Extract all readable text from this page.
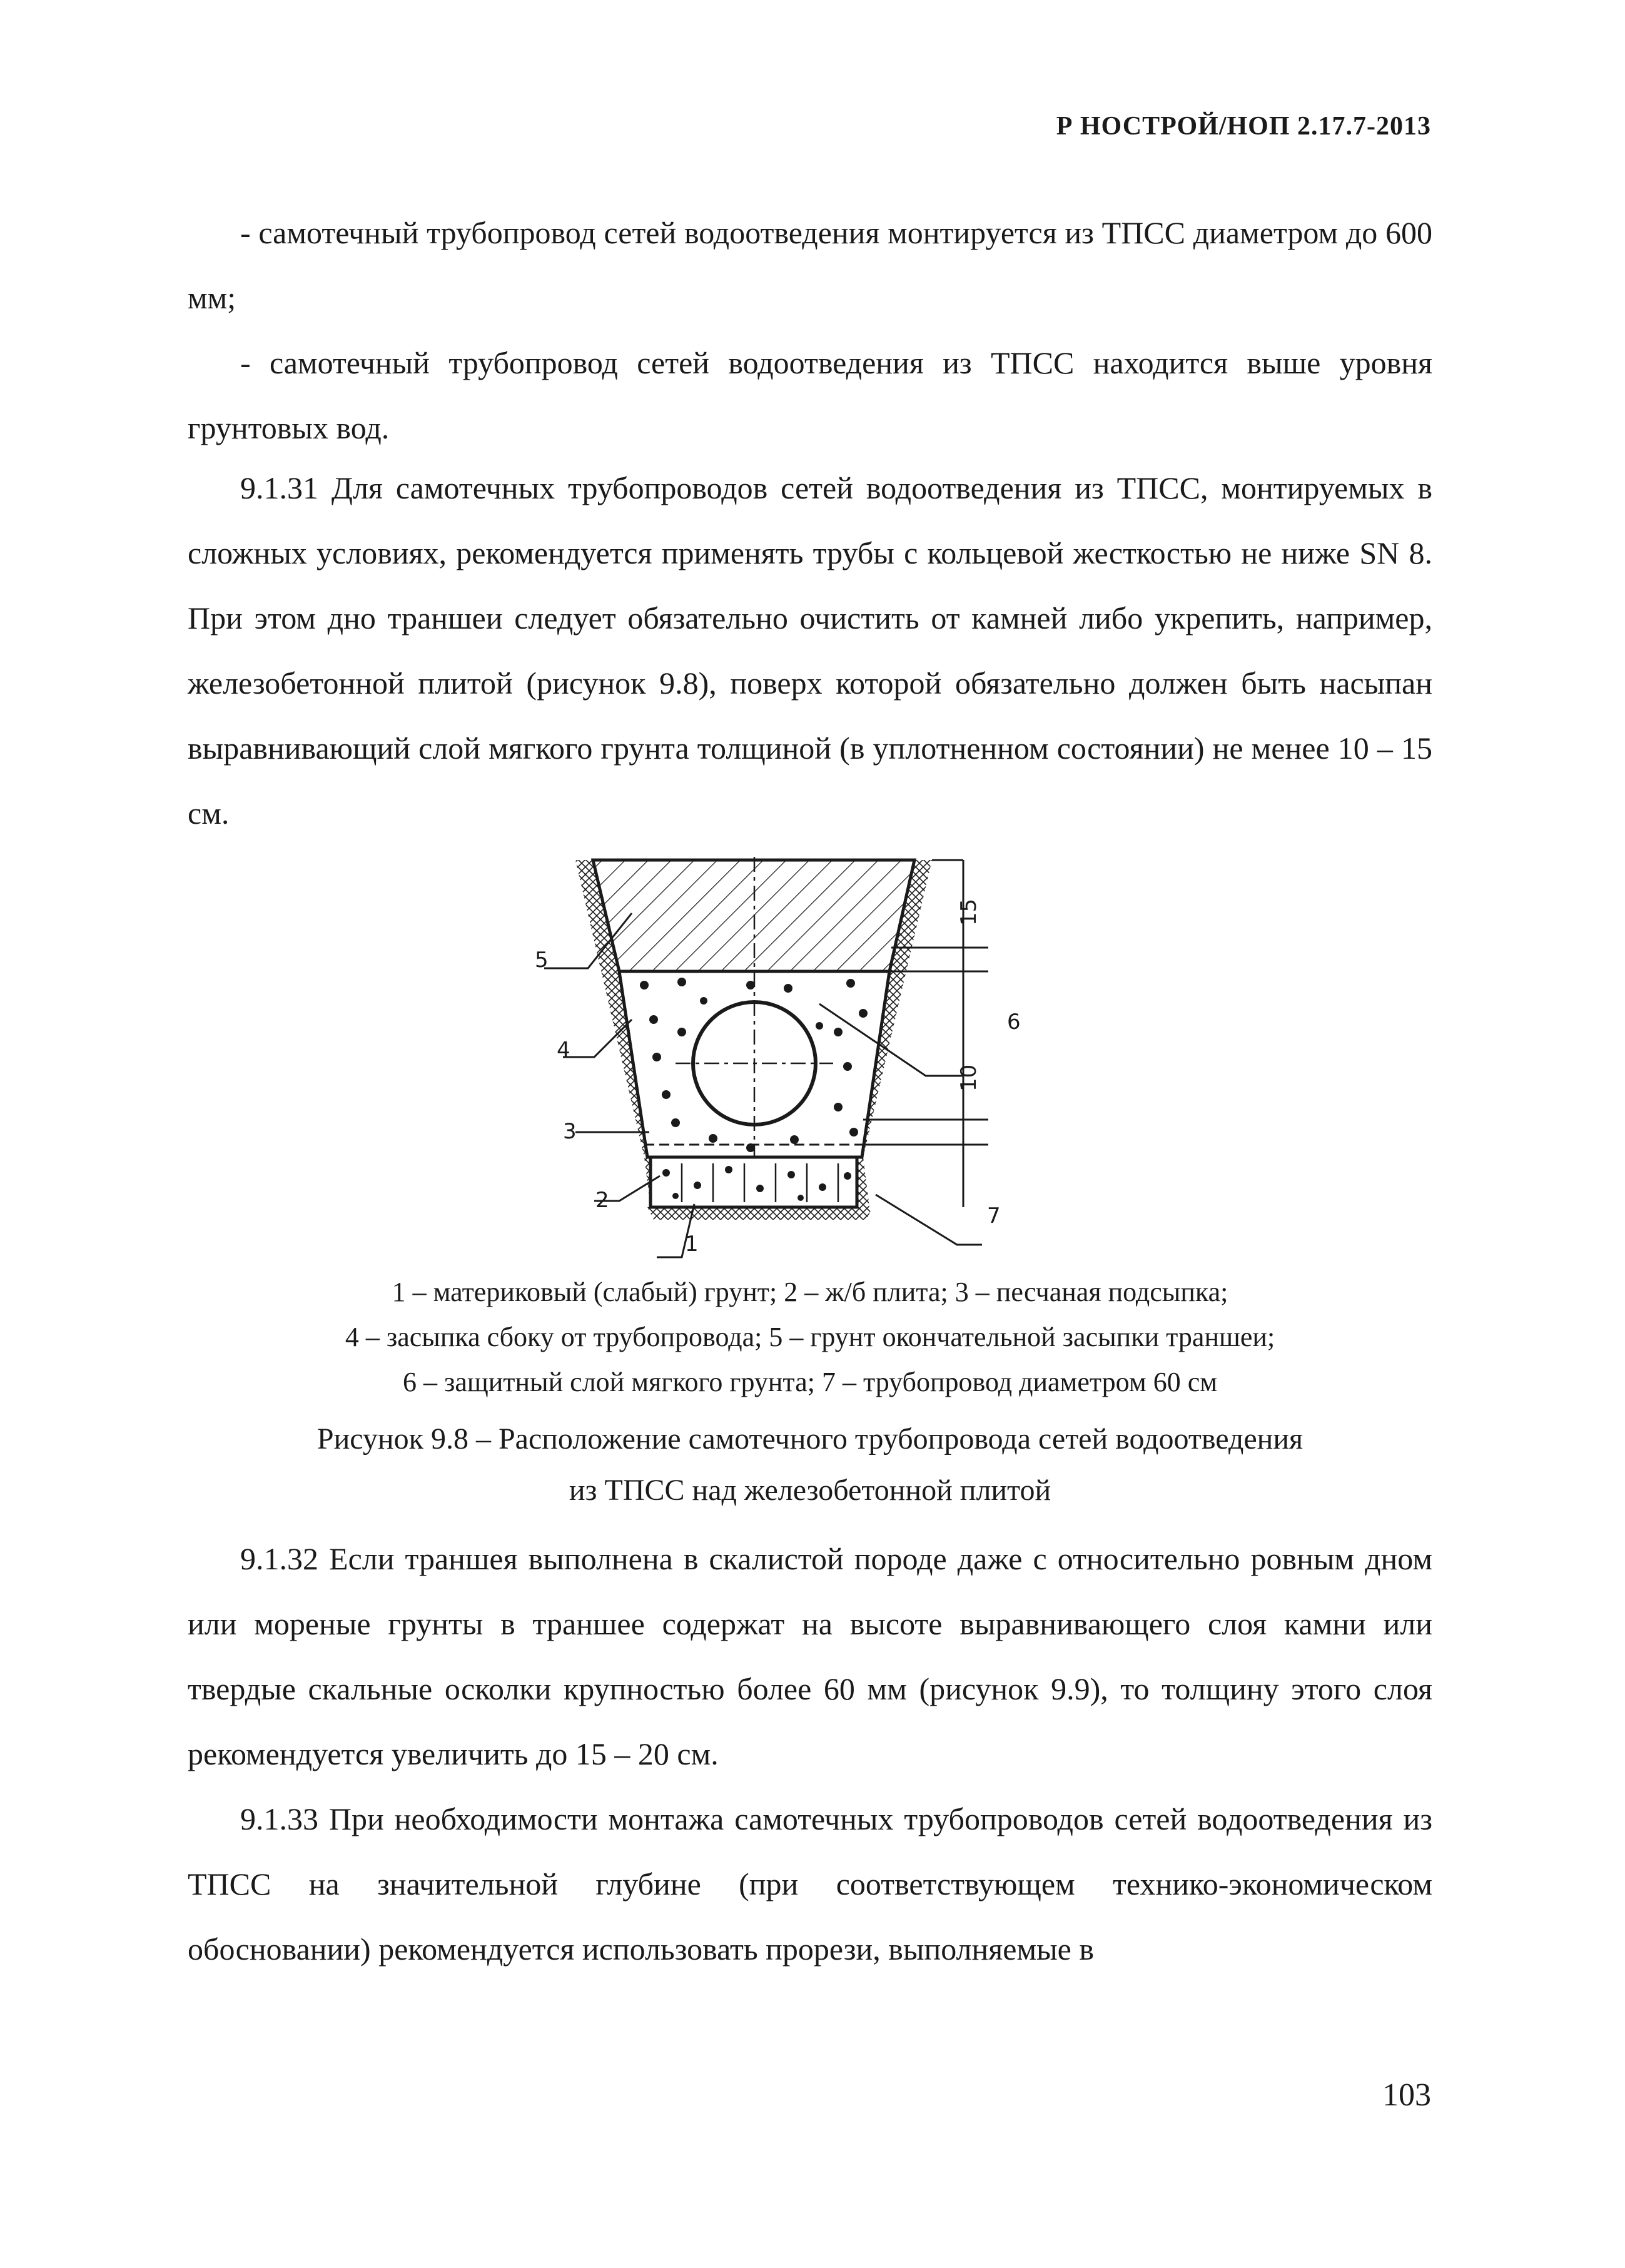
Р НОСТРОЙ/НОП 2.17.7-2013

- самотечный трубопровод сетей водоотведения монтируется из ТПСС диаметром до 600 мм;

- самотечный трубопровод сетей водоотведения из ТПСС находится выше уровня грунтовых вод.

9.1.31 Для самотечных трубопроводов сетей водоотведения из ТПСС, монтируемых в сложных условиях, рекомендуется применять трубы с кольцевой жесткостью не ниже SN 8. При этом дно траншеи следует обязательно очистить от камней либо укрепить, например, железобетонной плитой (рисунок 9.8), поверх которой обязательно должен быть насыпан выравнивающий слой мягкого грунта толщиной (в уплотненном состоянии) не менее 10 – 15 см.

15
10
1
2
3
4
5
6
7

1 – материковый (слабый) грунт; 2 – ж/б плита; 3 – песчаная подсыпка;

4 – засыпка сбоку от трубопровода; 5 – грунт окончательной засыпки траншеи;

6 – защитный слой мягкого грунта; 7 – трубопровод диаметром 60 см

Рисунок 9.8 – Расположение самотечного трубопровода сетей водоотведения

из ТПСС над железобетонной плитой

9.1.32 Если траншея выполнена в скалистой породе даже с относительно ровным дном или мореные грунты в траншее содержат на высоте выравнивающего слоя камни или твердые скальные осколки крупностью более 60 мм (рисунок 9.9), то толщину этого слоя рекомендуется увеличить до 15 – 20 см.

9.1.33 При необходимости монтажа самотечных трубопроводов сетей водоотведения из ТПСС на значительной глубине (при соответствующем технико-экономическом обосновании) рекомендуется использовать прорези, выполняемые в

103
